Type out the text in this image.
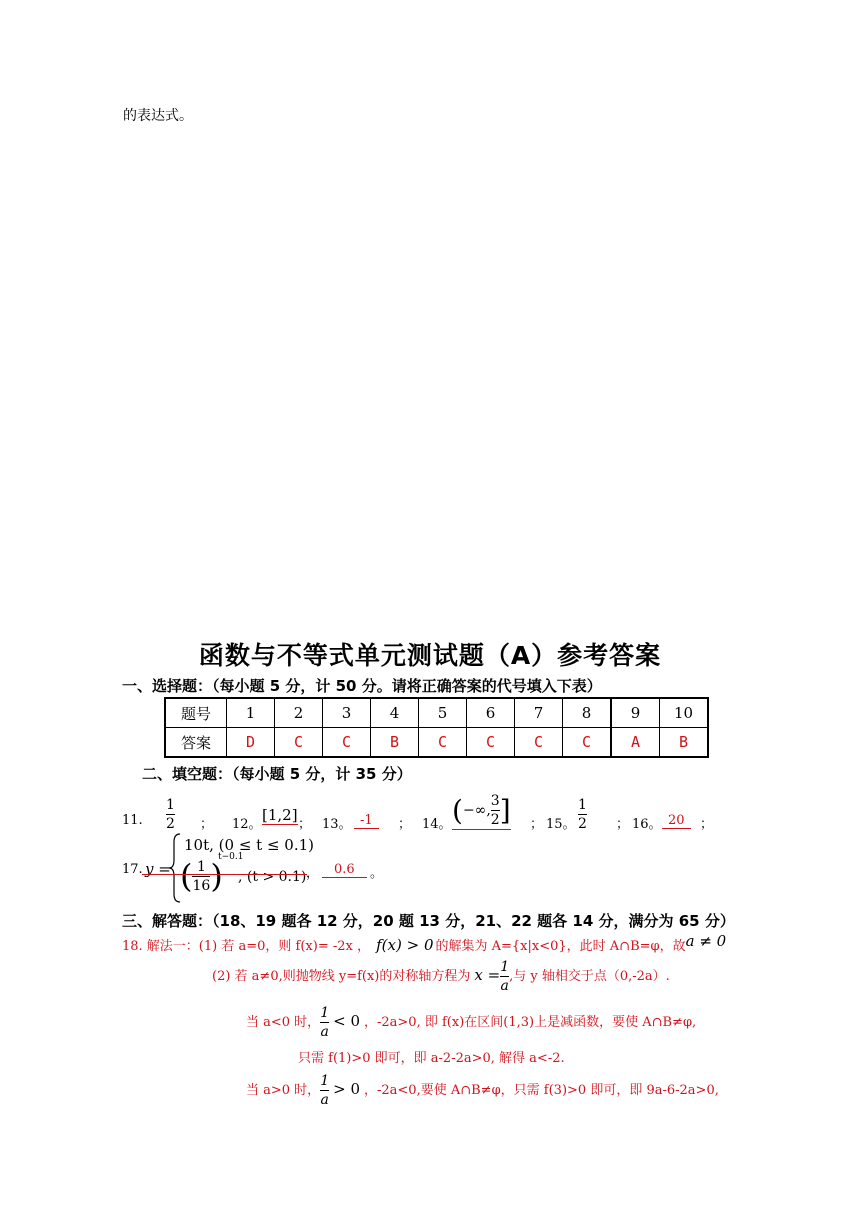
的表达式。
函数与不等式单元测试题（A）参考答案
一、选择题：（每小题 5 分，计 50 分。请将正确答案的代号填入下表）
题号	1	2	3	4	5	6	7	8	9	10
答案	D	C	C	B	C	C	C	C	A	B
二、填空题：（每小题 5 分，计 35 分）
11. $\frac{1}{2}$ ； 12。
[1,2]
； 13。 -1	； 14。 (−∞, $\frac{3}{2}$ ] ； 15。 $\frac{1}{2}$ ； 16。 20	；
17. y =
10t, (0 ≤ t ≤ 0.1)
( $\frac{1}{16}$ )
t−0.1
, (t > 0.1) ，	0.6	。
三、解答题：（18、19 题各 12 分，20 题 13 分，21、22 题各 14 分，满分为 65 分）
18. 解法一：(1) 若 a=0，则 f(x)= -2x ， f(x) > 0 的解集为 A={x|x<0}，此时 A∩B=φ，故a ≠ 0
(2) 若 a≠0,则抛物线 y=f(x)的对称轴方程为 $x = \frac{1}{a}$ ,与 y 轴相交于点（0,-2a）.
当 a<0 时， $\frac{1}{a} < 0$ ，-2a>0, 即 f(x)在区间(1,3)上是减函数，要使 A∩B≠φ,
只需 f(1)>0 即可，即 a-2-2a>0, 解得 a<-2.
当 a>0 时， $\frac{1}{a} > 0$ ，-2a<0,要使 A∩B≠φ，只需 f(3)>0 即可，即 9a-6-2a>0,
